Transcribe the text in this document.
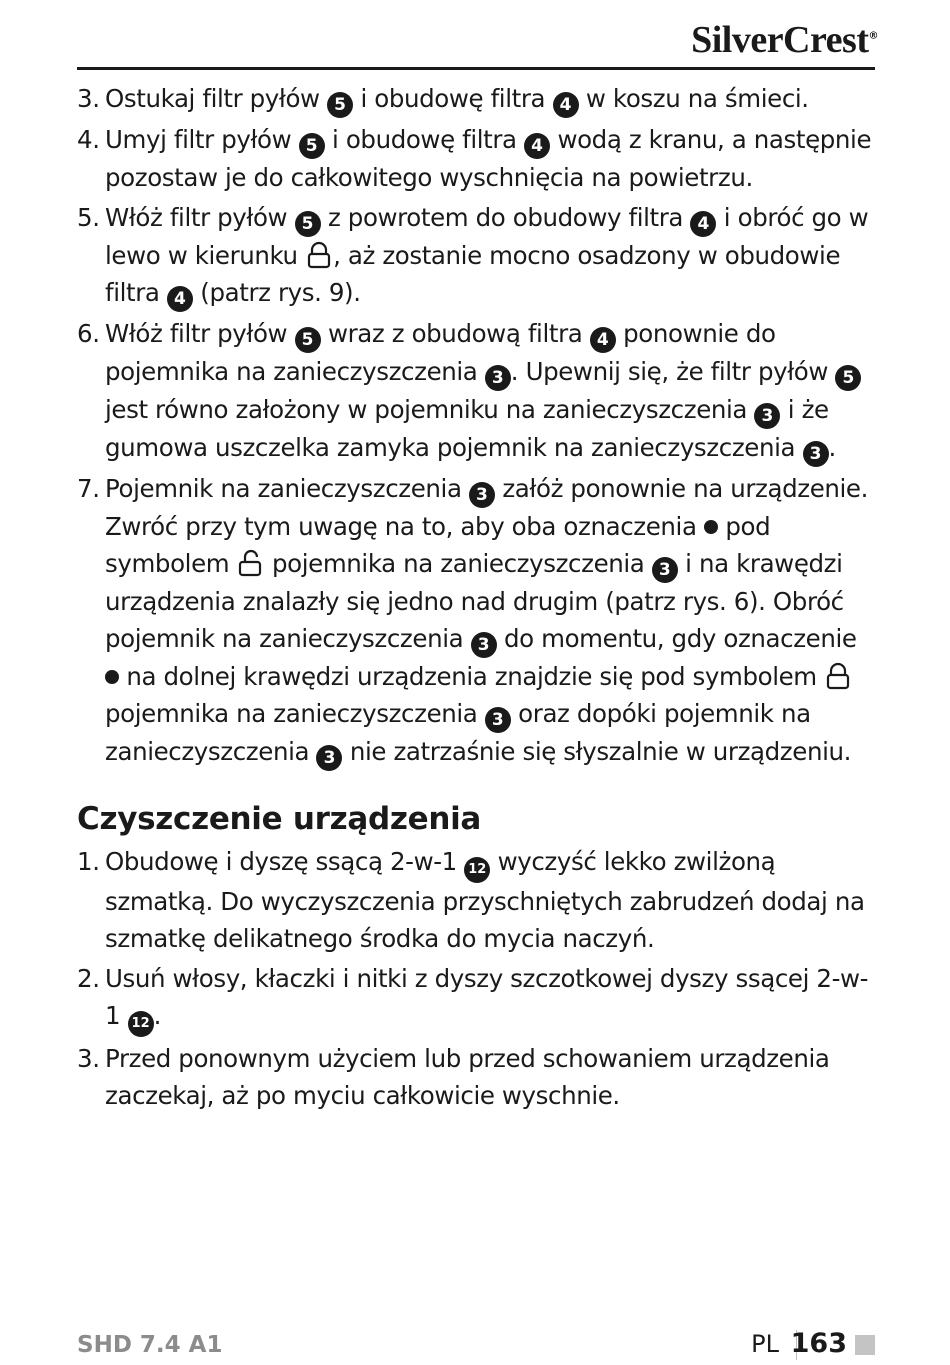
SilverCrest®
3. Ostukaj filtr pyłów 5 i obudowę filtra 4 w koszu na śmieci.
4. Umyj filtr pyłów 5 i obudowę filtra 4 wodą z kranu, a następnie pozostaw je do całkowitego wyschnięcia na powietrzu.
5. Włóż filtr pyłów 5 z powrotem do obudowy filtra 4 i obróć go w lewo w kierunku , aż zostanie mocno osadzony w obudowie filtra 4 (patrz rys. 9).
6. Włóż filtr pyłów 5 wraz z obudową filtra 4 ponownie do pojemnika na zanieczyszczenia 3 . Upewnij się, że filtr pyłów 5 jest równo założony w pojemniku na zanieczyszczenia 3 i że gumowa uszczelka zamyka pojemnik na zanieczyszczenia 3 .
7. Pojemnik na zanieczyszczenia 3 załóż ponownie na urządzenie. Zwróć przy tym uwagę na to, aby oba oznaczenia  pod symbolem  pojemnika na zanieczyszczenia 3 i na krawędzi urządzenia znalazły się jedno nad drugim (patrz rys. 6). Obróć pojemnik na zanieczyszczenia 3 do momentu, gdy oznaczenie  na dolnej krawędzi urządzenia znajdzie się pod symbolem  pojemnika na zanieczyszczenia 3 oraz dopóki pojemnik na zanieczyszczenia 3 nie zatrzaśnie się słyszalnie w urządzeniu.
Czyszczenie urządzenia
1. Obudowę i dyszę ssącą 2-w-1 12 wyczyść lekko zwilżoną szmatką. Do wyczyszczenia przyschniętych zabrudzeń dodaj na szmatkę delikatnego środka do mycia naczyń.
2. Usuń włosy, kłaczki i nitki z dyszy szczotkowej dyszy ssącej 2-w-1 12 .
3. Przed ponownym użyciem lub przed schowaniem urządzenia zaczekaj, aż po myciu całkowicie wyschnie.
SHD 7.4 A1	PL 163
